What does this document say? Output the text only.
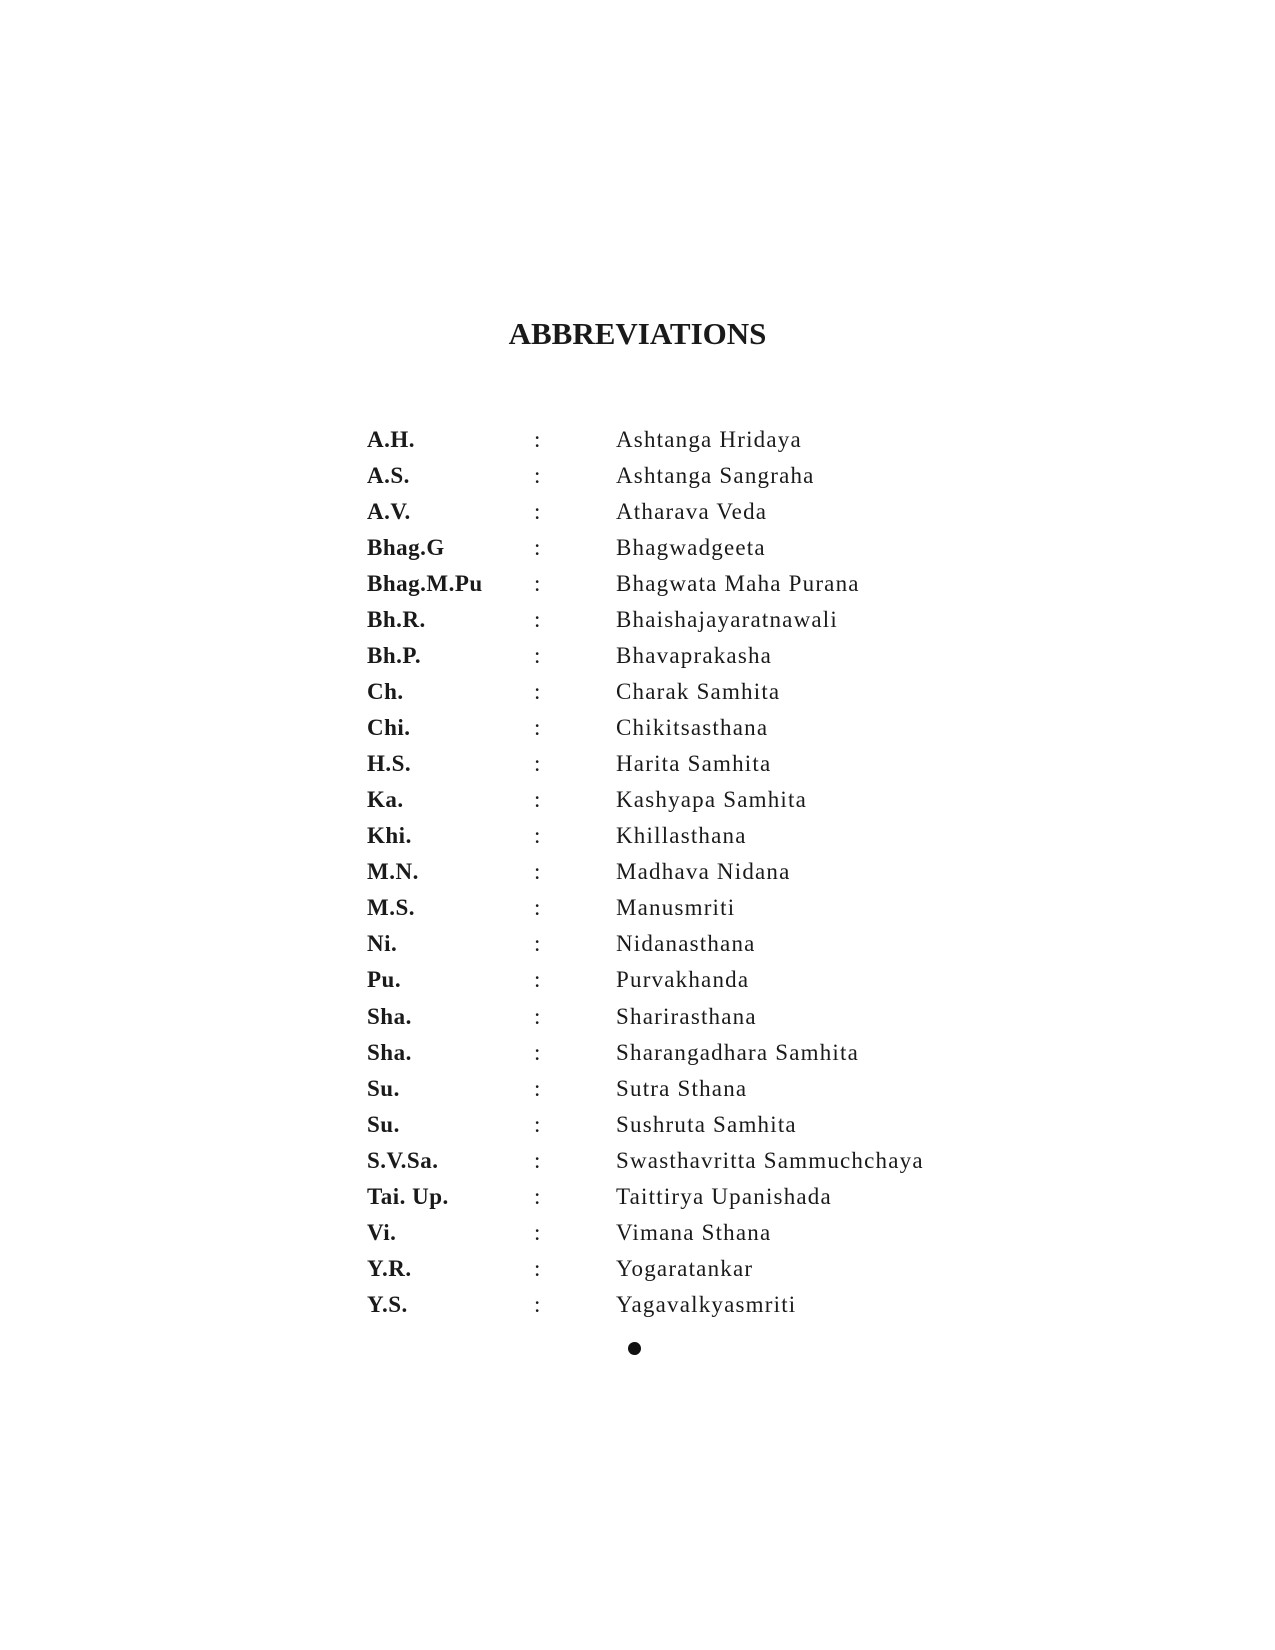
ABBREVIATIONS
A.H.	:	Ashtanga Hridaya
A.S.	:	Ashtanga Sangraha
A.V.	:	Atharava Veda
Bhag.G	:	Bhagwadgeeta
Bhag.M.Pu :	Bhagwata Maha Purana
Bh.R.	:	Bhaishajayaratnawali
Bh.P.	:	Bhavaprakasha
Ch.	:	Charak Samhita
Chi.	:	Chikitsasthana
H.S.	:	Harita Samhita
Ka.	:	Kashyapa Samhita
Khi.	:	Khillasthana
M.N.	:	Madhava Nidana
M.S.	:	Manusmriti
Ni.	:	Nidanasthana
Pu.	:	Purvakhanda
Sha.	:	Sharirasthana
Sha.	:	Sharangadhara Samhita
Su.	:	Sutra Sthana
Su.	:	Sushruta Samhita
S.V.Sa.	:	Swasthavritta Sammuchchaya
Tai. Up.	:	Taittirya Upanishada
Vi.	:	Vimana Sthana
Y.R.	:	Yogaratankar
Y.S.	:	Yagavalkyasmriti
